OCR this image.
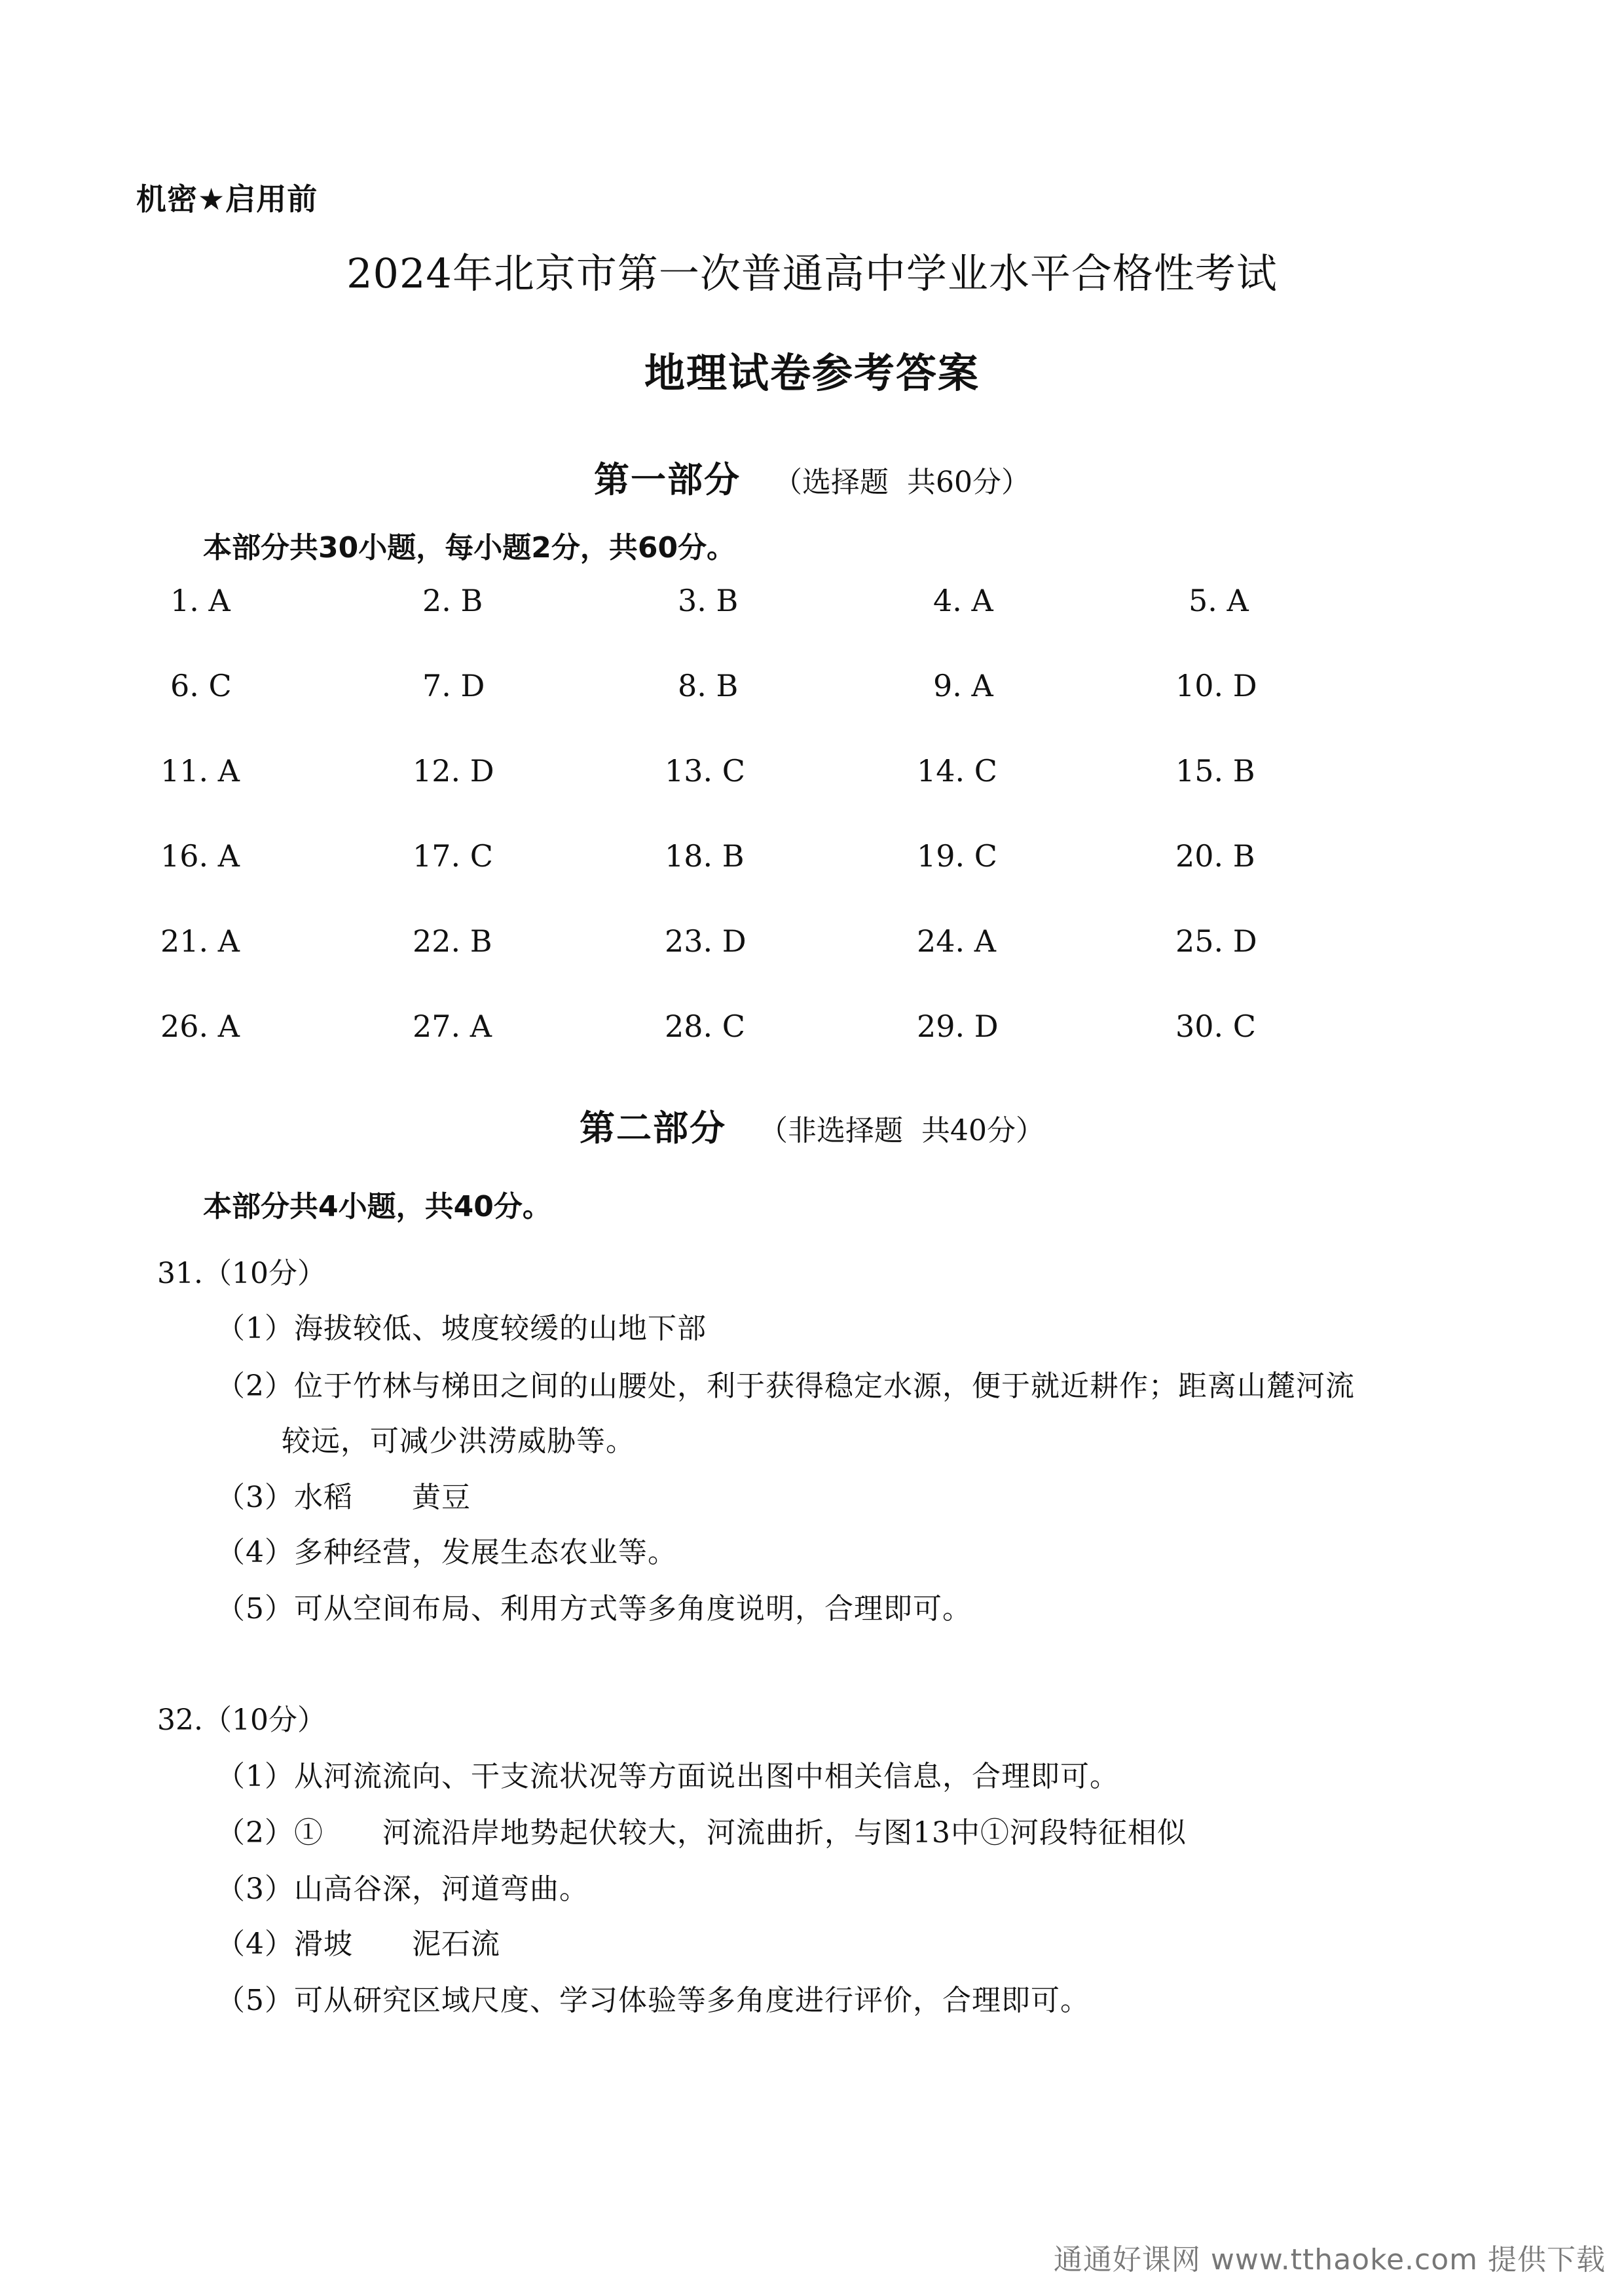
机密★启用前
2024年北京市第一次普通高中学业水平合格性考试
地理试卷参考答案
第一部分 （选择题  共60分）
本部分共30小题，每小题2分，共60分。
1. A	2. B	3. B	4. A	5. A
6. C	7. D	8. B	9. A	10. D
11. A	12. D	13. C	14. C	15. B
16. A	17. C	18. B	19. C	20. B
21. A	22. B	23. D	24. A	25. D
26. A	27. A	28. C	29. D	30. C
第二部分 （非选择题  共40分）
本部分共4小题，共40分。
31.（10分）
（1）海拔较低、坡度较缓的山地下部
（2）位于竹林与梯田之间的山腰处，利于获得稳定水源，便于就近耕作；距离山麓河流
较远，可减少洪涝威胁等。
（3）水稻　　黄豆
（4）多种经营，发展生态农业等。
（5）可从空间布局、利用方式等多角度说明，合理即可。
32.（10分）
（1）从河流流向、干支流状况等方面说出图中相关信息，合理即可。
（2）①　　河流沿岸地势起伏较大，河流曲折，与图13中①河段特征相似
（3）山高谷深，河道弯曲。
（4）滑坡　　泥石流
（5）可从研究区域尺度、学习体验等多角度进行评价，合理即可。
通通好课网 www.tthaoke.com 提供下载
